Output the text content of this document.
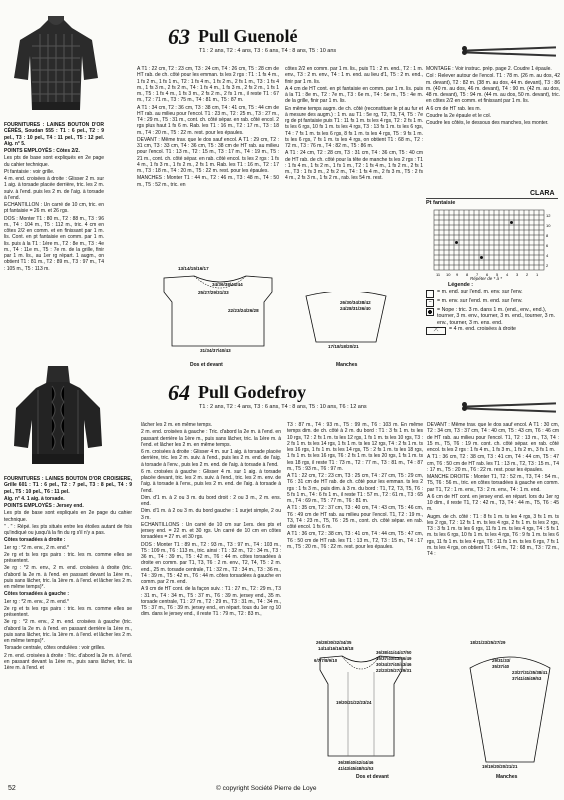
63 Pull Guenolé
T1 : 2 ans, T2 : 4 ans, T3 : 6 ans, T4 : 8 ans, T5 : 10 ans

FOURNITURES : LAINES BOUTON D'OR CÉRÈS, Soudan 555 : T1 : 6 pel., T2 : 9 pel., T3 : 10 pel., T4 : 11 pel., T5 : 12 pel. Aig. n° 5.

POINTS EMPLOYÉS : Côtes 2/2.

Les pts de base sont expliqués en 2e page du cahier technique.

Pt fantaisie : voir grille.

4 m. end. croisées à droite : Glisser 2 m. sur 1 aig. à torsade placée derrière, tric. les 2 m. suiv. à l'end. puis les 2 m. de l'aig. à torsade à l'end.

ECHANTILLON : Un carré de 10 cm, tric. en pt fantaisie = 26 m. et 26 rgs.

DOS : Monter T1 : 80 m., T2 : 88 m., T3 : 96 m., T4 : 104 m., T5 : 112 m., tric. 4 cm en côtes 2/2 en comm. et en finissant par 1 m. lis. Cont. en pt fantaisie en comm. par 1 m. lis. puis à la T1 : 1ère m., T2 : 8e m., T3 : 4e m., T4 : 11e m., T5 : 7e m. de la grille, finir par 1 m. lis., au 1er rg répart. 1 augm., on obtient T1 : 81 m., T2 : 89 m., T3 : 97 m., T4 : 105 m., T5 : 113 m.

A T1 : 22 cm, T2 : 23 cm, T3 : 24 cm, T4 : 26 cm, T5 : 28 cm de HT rab. de ch. côté pour les emman. ts les 2 rgs : T1 : 1 fs 4 m., 1 fs 2 m., 1 fs 1 m., T2 : 1 fs 4 m., 1 fs 2 m., 2 fs 1 m., T3 : 1 fs 4 m., 1 fs 3 m., 2 fs 2 m., T4 : 1 fs 4 m., 1 fs 3 m., 2 fs 2 m., 1 fs 1 m., T5 : 1 fs 4 m., 1 fs 3 m., 2 fs 2 m., 2 fs 1 m., il reste T1 : 67 m., T2 : 71 m., T3 : 75 m., T4 : 81 m., T5 : 87 m.

A T1 : 34 cm, T2 : 36 cm, T3 : 38 cm, T4 : 41 cm, T5 : 44 cm de HT rab. au milieu pour l'encol. T1 : 23 m., T2 : 25 m., T3 : 27 m., T4 : 29 m., T5 : 31 m., cont. ch. côté sépar. en rab. côté encol. 2 rgs plus haut 1 fs 6 m. Rab. les T1 : 16 m., T2 : 17 m., T3 : 18 m., T4 : 20 m., T5 : 22 m. rest. pour les épaules.

DEVANT : Même trav. que le dos sauf encol. A T1 : 29 cm, T2 : 31 cm, T3 : 33 cm, T4 : 36 cm, T5 : 38 cm de HT rab. au milieu pour l'encol. T1 : 13 m., T2 : 15 m., T3 : 17 m., T4 : 19 m., T5 : 21 m., cont. ch. côté sépar. en rab. côté encol. ts les 2 rgs : 1 fs 4 m., 1 fs 3 m., 1 fs 2 m., 2 fs 1 m. Rab. les T1 : 16 m., T2 : 17 m., T3 : 18 m., T4 : 20 m., T5 : 22 m. rest. pour les épaules.

MANCHES : Monter T1 : 44 m., T2 : 46 m., T3 : 48 m., T4 : 50 m., T5 : 52 m., tric. en

côtes 2/2 en comm. par 1 m. lis., puis T1 : 2 m. end., T2 : 1 m. env., T3 : 2 m. env., T4 : 1 m. end. au lieu d'1, T5 : 2 m. end., finir par 1 m. lis.

A 4 cm de HT cont. en pt fantaisie en comm. par 1 m. lis. puis à la T1 : 8e m., T2 : 7e m., T3 : 6e m., T4 : 5e m., T5 : 4e m. de la grille, finir par 1 m. lis.

En même temps augm. de ch. côté (reconstituer le pt au fur et à mesure des augm.) : 1 m. au T1 : 5e rg, T2, T3, T4, T5 : 7e rg de pt fantaisie puis T1 : 11 fs 1 m. ts les 4 rgs, T2 : 2 fs 1 m. ts les 6 rgs, 10 fs 1 m. ts les 4 rgs, T3 : 13 fs 1 m. ts les 6 rgs, T4 : 7 fs 1 m. ts les 6 rgs, 8 fs 1 m. ts les 4 rgs, T5 : 9 fs 1 m. ts les 6 rgs, 7 fs 1 m. ts les 4 rgs, on obtient T1 : 68 m., T2 : 72 m., T3 : 76 m., T4 : 82 m., T5 : 86 m.

A T1 : 24 cm, T2 : 28 cm, T3 : 31 cm, T4 : 36 cm, T5 : 40 cm de HT rab. de ch. côté pour la tête de manche ts les 2 rgs : T1 : 1 fs 4 m., 1 fs 2 m., 1 fs 1 m., T2 : 1 fs 4 m., 1 fs 2 m., 2 fs 1 m., T3 : 1 fs 3 m., 2 fs 2 m., T4 : 1 fs 4 m., 2 fs 3 m., T5 : 2 fs 4 m., 2 fs 3 m., 1 fs 2 m., rab. les 54 m. rest.

MONTAGE : Voir instruc. prép. page 2. Coudre 1 épaule.

Col : Relever autour de l'encol. T1 : 78 m. (26 m. au dos, 42 m. devant), T2 : 82 m. (38 m. au dos, 44 m. devant), T3 : 86 m. (40 m. au dos, 46 m. devant), T4 : 90 m. (42 m. au dos, 48 m. devant), T5 : 94 m. (44 m. au dos, 50 m. devant), tric. en côtes 2/2 en comm. et finissant par 1 m. lis.

A 6 cm de HT rab. les m.

Coudre la 2e épaule et le col.

Coudre les côtés, le dessous des manches, les monter.

CLARA
Pt fantaisie
12
10
8
6
4
2
11 10 9 8 7 6 5 4 3 2 1
Répéter de * à *
Légende :
= m. end. sur l'end. m. env. sur l'env.
−	= m. env. sur l'end. m. end. sur l'env.
= Nope : tric. 3 m. dans 1 m. (end., env., end.), tourner, 3 m. env., tourner, 3 m. end., tourner, 3 m. env., tourner, 3 m. ens. end.
⤫	= 4 m. end. croisées à droite
13/14/15/16/17
25/27/29/31/33
34/36/38/41/44
22/23/24/26/28
31/34/37/40/43
Dos et devant
26/30/34/38/42
24/28/31/36/40
17/18/18/20/21
Manches
64 Pull Godefroy
T1 : 2 ans, T2 : 4 ans, T3 : 6 ans, T4 : 8 ans, T5 : 10 ans, T6 : 12 ans

FOURNITURES : LAINES BOUTON D'OR CROISIÈRE, Grille 601 : T1 : 6 pel., T2 : 7 pel., T3 : 8 pel., T4 : 9 pel., T5 : 10 pel., T6 : 11 pel.

Aig. n° 4. 1 aig. à torsade.

POINTS EMPLOYÉS : Jersey end.

Les pts de base sont expliqués en 2e page du cahier technique.

" . " : Répé. les pts situés entre les étoiles autant de fois qu'indiqué ou jusqu'à la fin du rg s'il n'y a pas.

Côtes torsadées à droite :

1er rg : *2 m. env., 2 m. end.*

2e rg et ts les rgs pairs : tric. les m. comme elles se présentent.

3e rg : *2 m. env., 2 m. end. croisées à droite (tric. d'abord la 2e m. à l'end. en passant devant la 1ère m., puis sans lâcher, tric. la 1ère m. à l'end. et lâcher les 2 m. en même temps)*.

Côtes torsadées à gauche :

1er rg : *2 m. env., 2 m. end.*

2e rg et ts les rgs pairs : tric. les m. comme elles se présentent.

3e rg : *2 m. env., 2 m. end. croisées à gauche (tric. d'abord la 2e m. à l'end. en passant derrière la 1ère m., puis sans lâcher, tric. la 1ère m. à l'end. et lâcher les 2 m. en même temps)*.

Torsade centrale, côtes ondulées : voir grilles.

2 m. end. croisées à droite : Tric. d'abord la 2e m. à l'end. en passant devant la 1ère m., puis sans lâcher, tric. la 1ère m. à l'end. et

lâcher les 2 m. en même temps.

2 m. end. croisées à gauche : Tric. d'abord la 2e m. à l'end. en passant derrière la 1ère m., puis sans lâcher, tric. la 1ère m. à l'end. et lâcher les 2 m. en même temps.

6 m. croisées à droite : Glisser 4 m. sur 1 aig. à torsade placée derrière, tric. les 2 m. suiv. à l'end., puis les 2 m. end. de l'aig. à torsade à l'env., puis les 2 m. end. de l'aig. à torsade à l'end.

6 m. croisées à gauche : Glisser 4 m. sur 1 aig. à torsade placée devant, tric. les 2 m. suiv. à l'end., tric. les 2 m. env. de l'aig. à torsade à l'env., puis les 2 m. end. de l'aig. à torsade à l'end.

Dim. d'1 m. à 2 ou 3 m. du bord droit : 2 ou 3 m., 2 m. ens. end.

Dim. d'1 m. à 2 ou 3 m. du bord gauche : 1 surjet simple, 2 ou 3 m.

ECHANTILLONS : Un carré de 10 cm sur 1ers. des pts et jersey end. = 22 m. et 30 rgs. Un carré de 10 cm en côtes torsadées = 27 m. et 30 rgs.

DOS : Monter T1 : 89 m., T2 : 93 m., T3 : 97 m., T4 : 103 m., T5 : 109 m., T6 : 113 m., tric. ainsi : T1 : 32 m., T2 : 34 m., T3 : 36 m., T4 : 39 m., T5 : 42 m., T6 : 44 m. côtes torsadées à droite en comm. par T1, T3, T6 : 2 m. env., T2, T4, T5 : 2 m. end., 25 m. torsade centrale, T1 : 32 m., T2 : 34 m., T3 : 36 m., T4 : 39 m., T5 : 42 m., T6 : 44 m. côtes torsadées à gauche en comm. par 2 m. end.

A 9 cm de HT cont. de la façon suiv. : T1 : 27 m., T2 : 29 m., T3 : 31 m., T4 : 34 m., T5 : 37 m., T6 : 39 m. jersey end., 35 m. torsade centrale, T1 : 27 m., T2 : 29 m., T3 : 31 m., T4 : 34 m., T5 : 37 m., T6 : 39 m. jersey end., en répart. tous du 1er rg 10 dim. dans le jersey end., il reste T1 : 79 m., T2 : 83 m.,

T3 : 87 m., T4 : 93 m., T5 : 99 m., T6 : 103 m. En même temps dim. de ch. côté à 2 m. du bord : T1 : 3 fs 1 m. ts les 10 rgs, T2 : 2 fs 1 m. ts les 12 rgs, 1 fs 1 m. ts les 10 rgs, T3 : 2 fs 1 m. ts les 14 rgs, 1 fs 1 m. ts les 12 rgs, T4 : 2 fs 1 m. ts les 16 rgs, 1 fs 1 m. ts les 14 rgs, T5 : 2 fs 1 m. ts les 18 rgs, 1 fs 1 m. ts les 16 rgs, T6 : 2 fs 1 m. ts les 20 rgs, 1 fs 1 m. ts les 18 rgs, il reste T1 : 73 m., T2 : 77 m., T3 : 81 m., T4 : 87 m., T5 : 93 m., T6 : 97 m.

A T1 : 22 cm, T2 : 23 cm, T3 : 25 cm, T4 : 27 cm, T5 : 29 cm, T6 : 31 cm de HT rab. de ch. côté pour les emman. ts les 2 rgs : 1 fs 3 m., puis dim. à 3 m. du bord : T1, T2, T3, T5, T6 : 5 fs 1 m., T4 : 6 fs 1 m., il reste T1 : 57 m., T2 : 61 m., T3 : 65 m., T4 : 69 m., T5 : 77 m., T6 : 81 m.

A T1 : 35 cm, T2 : 37 cm, T3 : 40 cm, T4 : 43 cm, T5 : 46 cm, T6 : 49 cm de HT rab. au milieu pour l'encol. T1, T2 : 19 m., T3, T4 : 23 m., T5, T6 : 25 m., cont. ch. côté sépar. en rab. côté encol. 1 fs 6 m.

A T1 : 36 cm, T2 : 38 cm, T3 : 41 cm, T4 : 44 cm, T5 : 47 cm, T6 : 50 cm de HT rab. les T1 : 13 m., T2, T3 : 15 m., T4 : 17 m., T5 : 20 m., T6 : 22 m. rest. pour les épaules.

DEVANT : Même trav. que le dos sauf encol. A T1 : 30 cm, T2 : 34 cm, T3 : 37 cm, T4 : 40 cm, T5 : 43 cm, T6 : 46 cm de HT rab. au milieu pour l'encol. T1, T2 : 13 m., T3, T4 : 15 m., T5, T6 : 19 m. cont. ch. côté sépar. en rab. côté encol. ts les 2 rgs : 1 fs 4 m., 1 fs 3 m., 1 fs 2 m., 3 fs 1 m.

A T1 : 36 cm, T2 : 38 cm, T3 : 41 cm, T4 : 44 cm, T5 : 47 cm, T6 : 50 cm de HT rab. les T1 : 13 m., T2, T3 : 15 m., T4 : 17 m., T5 : 20 m., T6 : 22 m. rest. pour les épaules.

MANCHE DROITE : Monter T1, T2 : 52 m., T3, T4 : 54 m., T5, T6 : 56 m., tric. en côtes torsadées à gauche en comm. par T1, T2 : 1 m. env., T3 : 2 m. env., T4 : 1 m. end.

A 6 cm de HT cont. en jersey end. en répart. lors du 1er rg 10 dim., il reste T1, T2 : 42 m., T3, T4 : 44 m., T5, T6 : 45 m.

Augm. de ch. côté : T1 : 8 fs 1 m. ts les 4 rgs, 3 fs 1 m. ts les 2 rgs, T2 : 12 fs 1 m. ts les 4 rgs, 2 fs 1 m. ts les 2 rgs, T3 : 3 fs 1 m. ts les 6 rgs, 11 fs 1 m. ts les 4 rgs, T4 : 5 fs 1 m. ts les 6 rgs, 10 fs 1 m. ts les 4 rgs, T6 : 9 fs 1 m. ts les 6 rgs, 11 fs 1 m. ts les 4 rgs, T6 : 11 fs 1 m. ts les 6 rgs, 7 fs 1 m. ts les 4 rgs, on obtient T1 : 64 m., T2 : 68 m., T3 : 72 m., T4 :

26/28/30/32/34/35
14/14/16/16/18/18
6/7/7/8/9/10
36/38/41/44/47/50
35/37/40/43/46/49
30/34/37/40/43/46
22/23/25/27/29/31
19/20/21/22/23/24
36/38/40/42/44/46
41/43/45/48/51/53
Dos et devant
18/21/23/25/27/29
29/31/33/
35/37/40
23/27/31/35/38/41
37/41/45/49/53
19/19/20/20/21/21
Manches
52	© copyright Société Pierre de Loye
